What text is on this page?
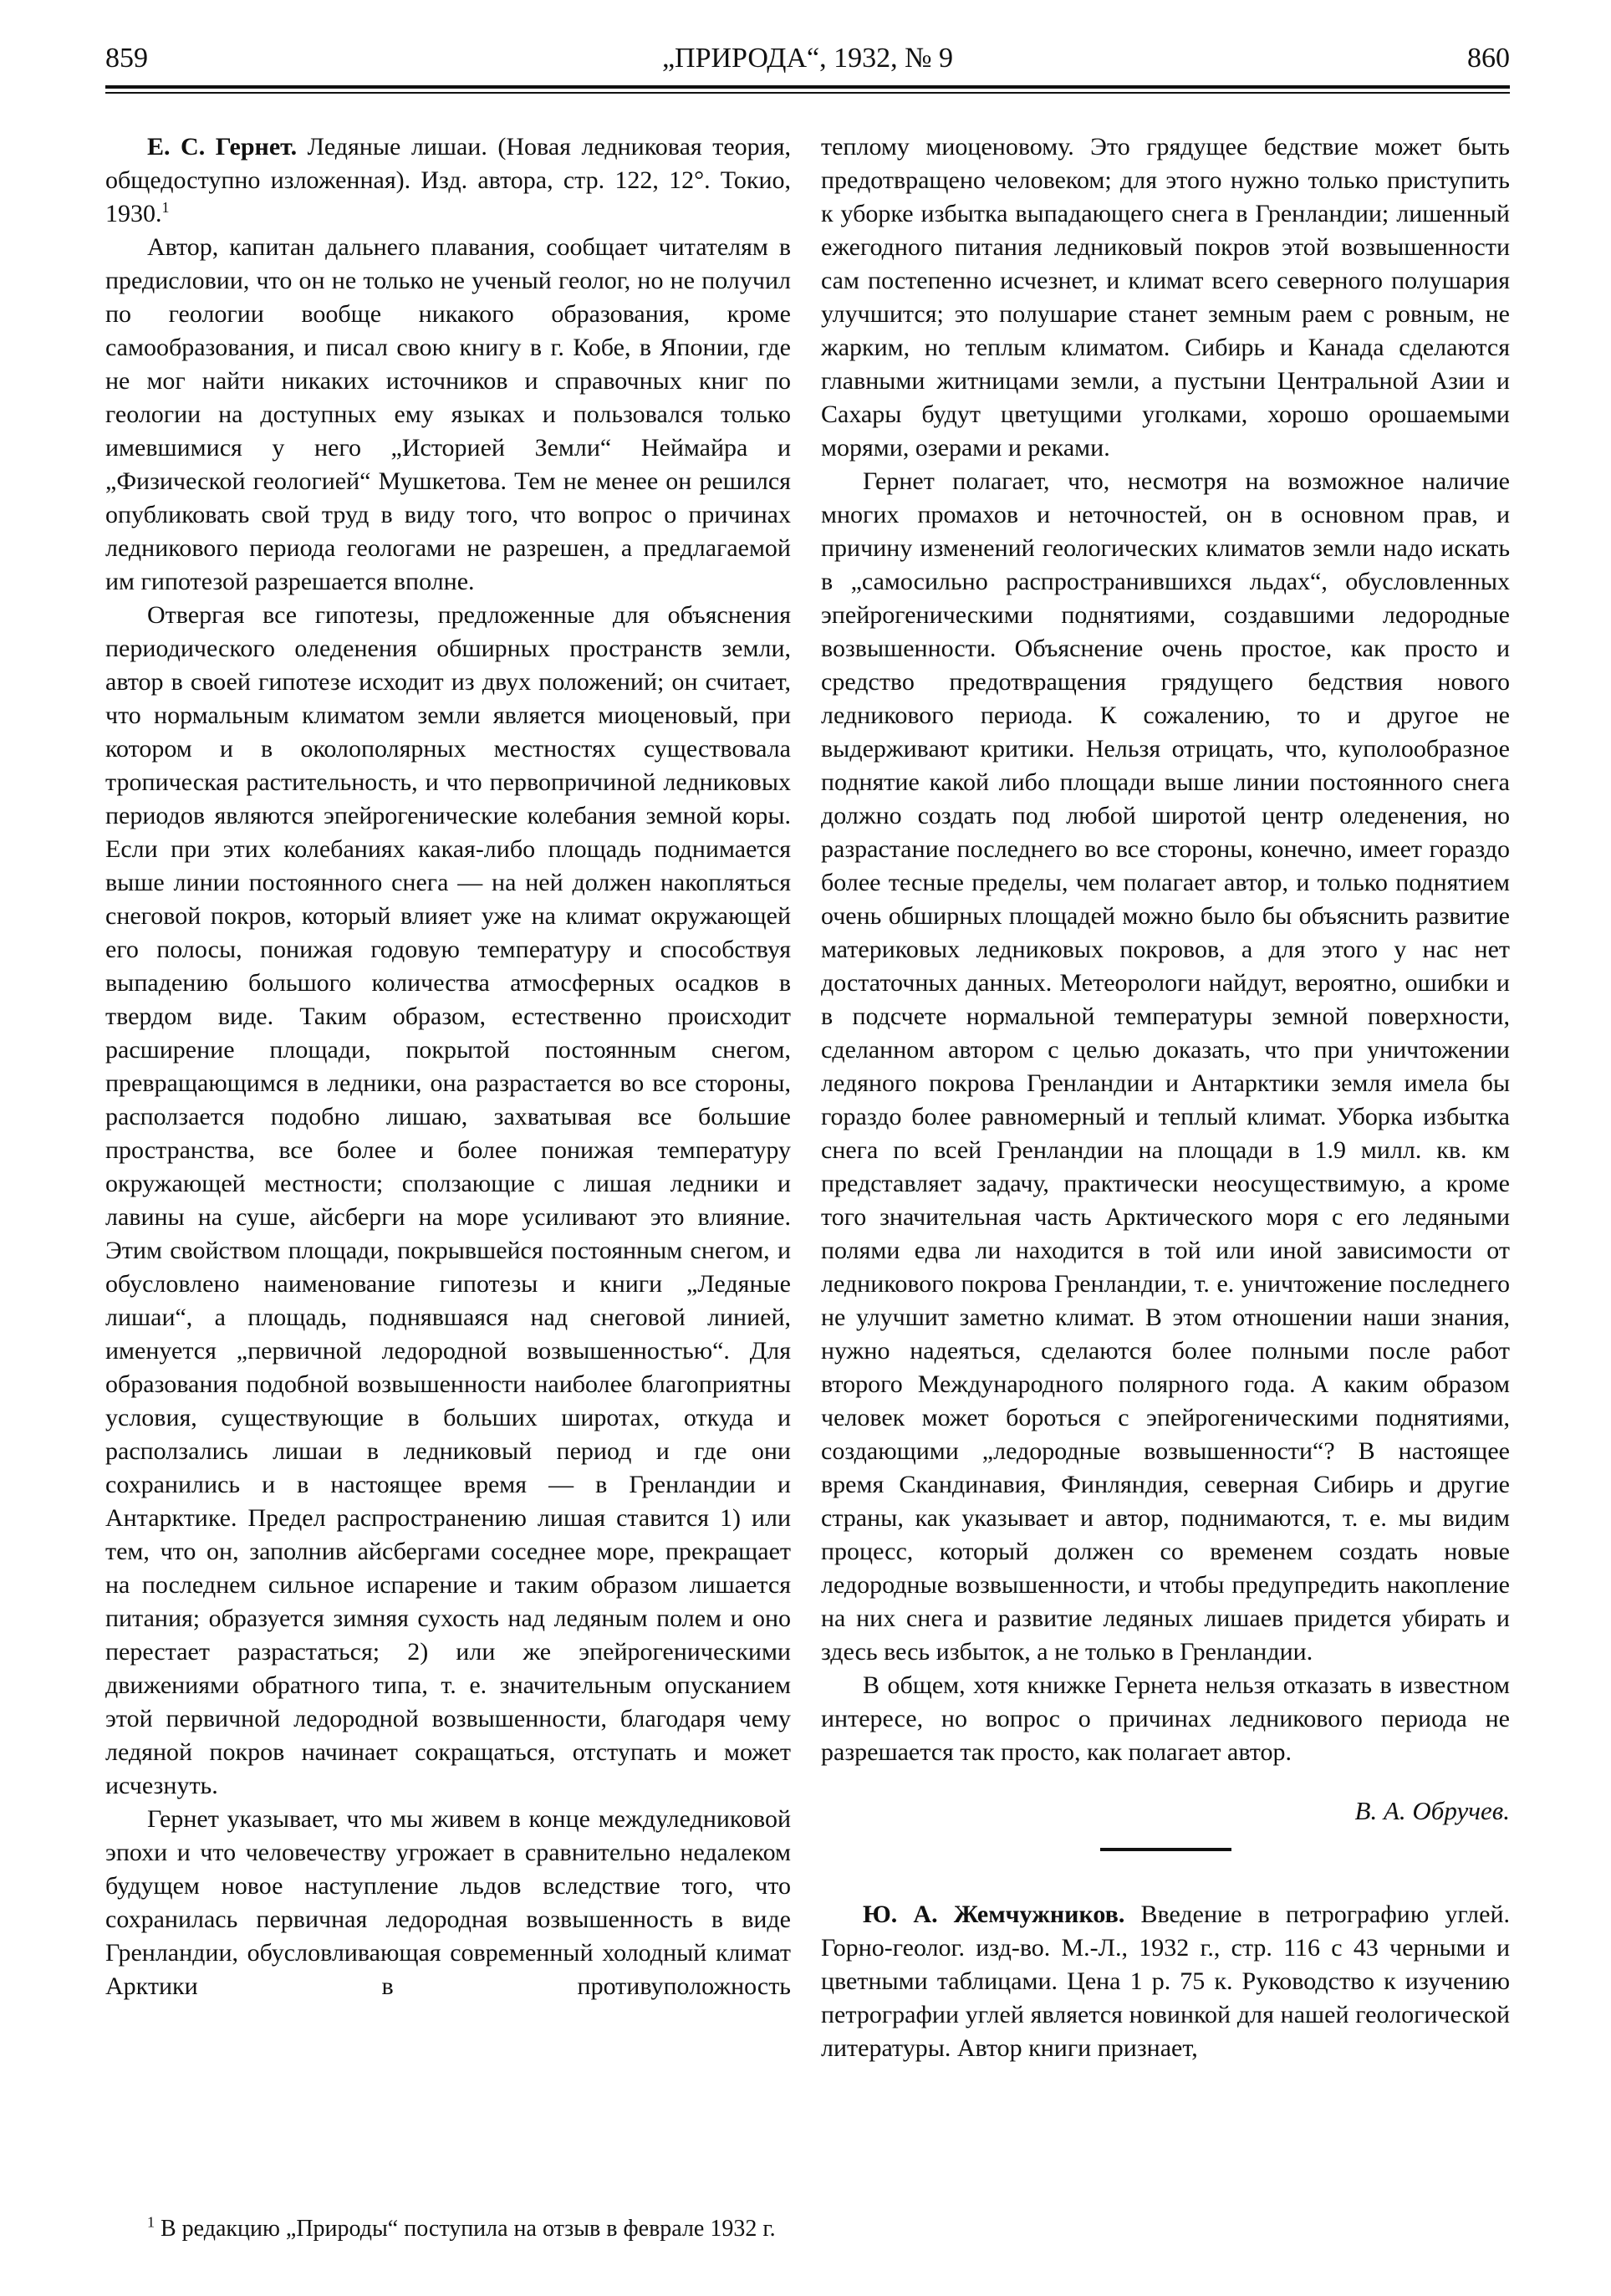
859	„ПРИРОДА“, 1932, № 9	860

Е. С. Гернет. Ледяные лишаи. (Новая ледниковая теория, общедоступно изложенная). Изд. автора, стр. 122, 12°. Токио, 1930.$^1$

Автор, капитан дальнего плавания, сообщает читателям в предисловии, что он не только не ученый геолог, но не получил по геологии вообще никакого образования, кроме самообразования, и писал свою книгу в г. Кобе, в Японии, где не мог найти никаких источников и справочных книг по геологии на доступных ему языках и пользовался только имевшимися у него „Историей Земли“ Неймайра и „Физической геологией“ Мушкетова. Тем не менее он решился опубликовать свой труд в виду того, что вопрос о причинах ледникового периода геологами не разрешен, а предлагаемой им гипотезой разрешается вполне.

Отвергая все гипотезы, предложенные для объяснения периодического оледенения обширных пространств земли, автор в своей гипотезе исходит из двух положений; он считает, что нормальным климатом земли является миоценовый, при котором и в околополярных местностях существовала тропическая растительность, и что первопричиной ледниковых периодов являются эпейрогенические колебания земной коры. Если при этих колебаниях какая-либо площадь поднимается выше линии постоянного снега — на ней должен накопляться снеговой покров, который влияет уже на климат окружающей его полосы, понижая годовую температуру и способствуя выпадению большого количества атмосферных осадков в твердом виде. Таким образом, естественно происходит расширение площади, покрытой постоянным снегом, превращающимся в ледники, она разрастается во все стороны, расползается подобно лишаю, захватывая все большие пространства, все более и более понижая температуру окружающей местности; сползающие с лишая ледники и лавины на суше, айсберги на море усиливают это влияние. Этим свойством площади, покрывшейся постоянным снегом, и обусловлено наименование гипотезы и книги „Ледяные лишаи“, а площадь, поднявшаяся над снеговой линией, именуется „первичной ледородной возвышенностью“. Для образования подобной возвышенности наиболее благоприятны условия, существующие в больших широтах, откуда и расползались лишаи в ледниковый период и где они сохранились и в настоящее время — в Гренландии и Антарктике. Предел распространению лишая ставится 1) или тем, что он, заполнив айсбергами соседнее море, прекращает на последнем сильное испарение и таким образом лишается питания; образуется зимняя сухость над ледяным полем и оно перестает разрастаться; 2) или же эпейрогеническими движениями обратного типа, т. е. значительным опусканием этой первичной ледородной возвышенности, благодаря чему ледяной покров начинает сокращаться, отступать и может исчезнуть.

Гернет указывает, что мы живем в конце междуледниковой эпохи и что человечеству угрожает в сравнительно недалеком будущем новое наступление льдов вследствие того, что сохранилась первичная ледородная возвышенность в виде Гренландии, обусловливающая современный холодный климат Арктики в противуположность

$^1$ В редакцию „Природы“ поступила на отзыв в феврале 1932 г.

теплому миоценовому. Это грядущее бедствие может быть предотвращено человеком; для этого нужно только приступить к уборке избытка выпадающего снега в Гренландии; лишенный ежегодного питания ледниковый покров этой возвышенности сам постепенно исчезнет, и климат всего северного полушария улучшится; это полушарие станет земным раем с ровным, не жарким, но теплым климатом. Сибирь и Канада сделаются главными житницами земли, а пустыни Центральной Азии и Сахары будут цветущими уголками, хорошо орошаемыми морями, озерами и реками.

Гернет полагает, что, несмотря на возможное наличие многих промахов и неточностей, он в основном прав, и причину изменений геологических климатов земли надо искать в „самосильно распространившихся льдах“, обусловленных эпейрогеническими поднятиями, создавшими ледородные возвышенности. Объяснение очень простое, как просто и средство предотвращения грядущего бедствия нового ледникового периода. К сожалению, то и другое не выдерживают критики. Нельзя отрицать, что, куполообразное поднятие какой либо площади выше линии постоянного снега должно создать под любой широтой центр оледенения, но разрастание последнего во все стороны, конечно, имеет гораздо более тесные пределы, чем полагает автор, и только поднятием очень обширных площадей можно было бы объяснить развитие материковых ледниковых покровов, а для этого у нас нет достаточных данных. Метеорологи найдут, вероятно, ошибки и в подсчете нормальной температуры земной поверхности, сделанном автором с целью доказать, что при уничтожении ледяного покрова Гренландии и Антарктики земля имела бы гораздо более равномерный и теплый климат. Уборка избытка снега по всей Гренландии на площади в 1.9 милл. кв. км представляет задачу, практически неосуществимую, а кроме того значительная часть Арктического моря с его ледяными полями едва ли находится в той или иной зависимости от ледникового покрова Гренландии, т. е. уничтожение последнего не улучшит заметно климат. В этом отношении наши знания, нужно надеяться, сделаются более полными после работ второго Международного полярного года. А каким образом человек может бороться с эпейрогеническими поднятиями, создающими „ледородные возвышенности“? В настоящее время Скандинавия, Финляндия, северная Сибирь и другие страны, как указывает и автор, поднимаются, т. е. мы видим процесс, который должен со временем создать новые ледородные возвышенности, и чтобы предупредить накопление на них снега и развитие ледяных лишаев придется убирать и здесь весь избыток, а не только в Гренландии.

В общем, хотя книжке Гернета нельзя отказать в известном интересе, но вопрос о причинах ледникового периода не разрешается так просто, как полагает автор.

В. А. Обручев.

Ю. А. Жемчужников. Введение в петрографию углей. Горно-геолог. изд-во. М.-Л., 1932 г., стр. 116 с 43 черными и цветными таблицами. Цена 1 р. 75 к. Руководство к изучению петрографии углей является новинкой для нашей геологической литературы. Автор книги признает,
